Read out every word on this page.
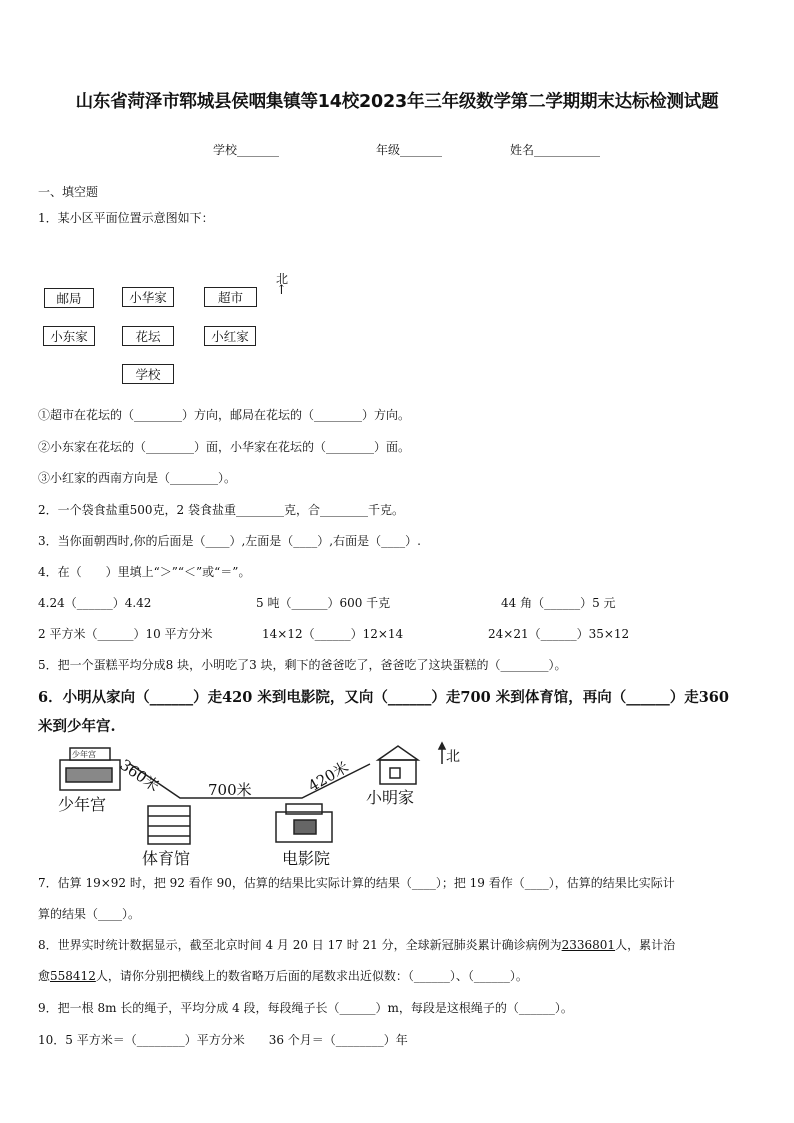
山东省菏泽市郓城县侯咽集镇等14校2023年三年级数学第二学期期末达标检测试题
学校_______	年级_______	姓名___________
一、填空题
1．某小区平面位置示意图如下：
邮局	小华家	超市
小东家	花坛	小红家
学校
北
↑
①超市在花坛的（________）方向，邮局在花坛的（________）方向。
②小东家在花坛的（________）面，小华家在花坛的（________）面。
③小红家的西南方向是（________）。
2．一个袋食盐重500克，2 袋食盐重________克，合________千克。
3．当你面朝西时,你的后面是（____）,左面是（____）,右面是（____）.
4．在（　　）里填上“＞”“＜”或“＝”。
4.24（______）4.42	5 吨（______）600 千克	44 角（______）5 元
2 平方米（______）10 平方分米	14×12（______）12×14	24×21（______）35×12
5．把一个蛋糕平均分成8 块，小明吃了3 块，剩下的爸爸吃了，爸爸吃了这块蛋糕的（________）。
6．小明从家向（______）走420 米到电影院，又向（______）走700 米到体育馆，再向（______）走360
米到少年宫.
少年宫
360米	700米	420米
少年宫	小明家
体育馆	电影院
北
7．估算 19×92 时，把 92 看作 90，估算的结果比实际计算的结果（____）；把 19 看作（____），估算的结果比实际计
算的结果（____）。
8．世界实时统计数据显示，截至北京时间 4 月 20 日 17 时 21 分，全球新冠肺炎累计确诊病例为2336801人，累计治
愈558412人，请你分别把横线上的数省略万后面的尾数求出近似数：（______）、（______）。
9．把一根 8m 长的绳子，平均分成 4 段，每段绳子长（______）m，每段是这根绳子的（______）。
10．5 平方米＝（________）平方分米　　36 个月＝（________）年
